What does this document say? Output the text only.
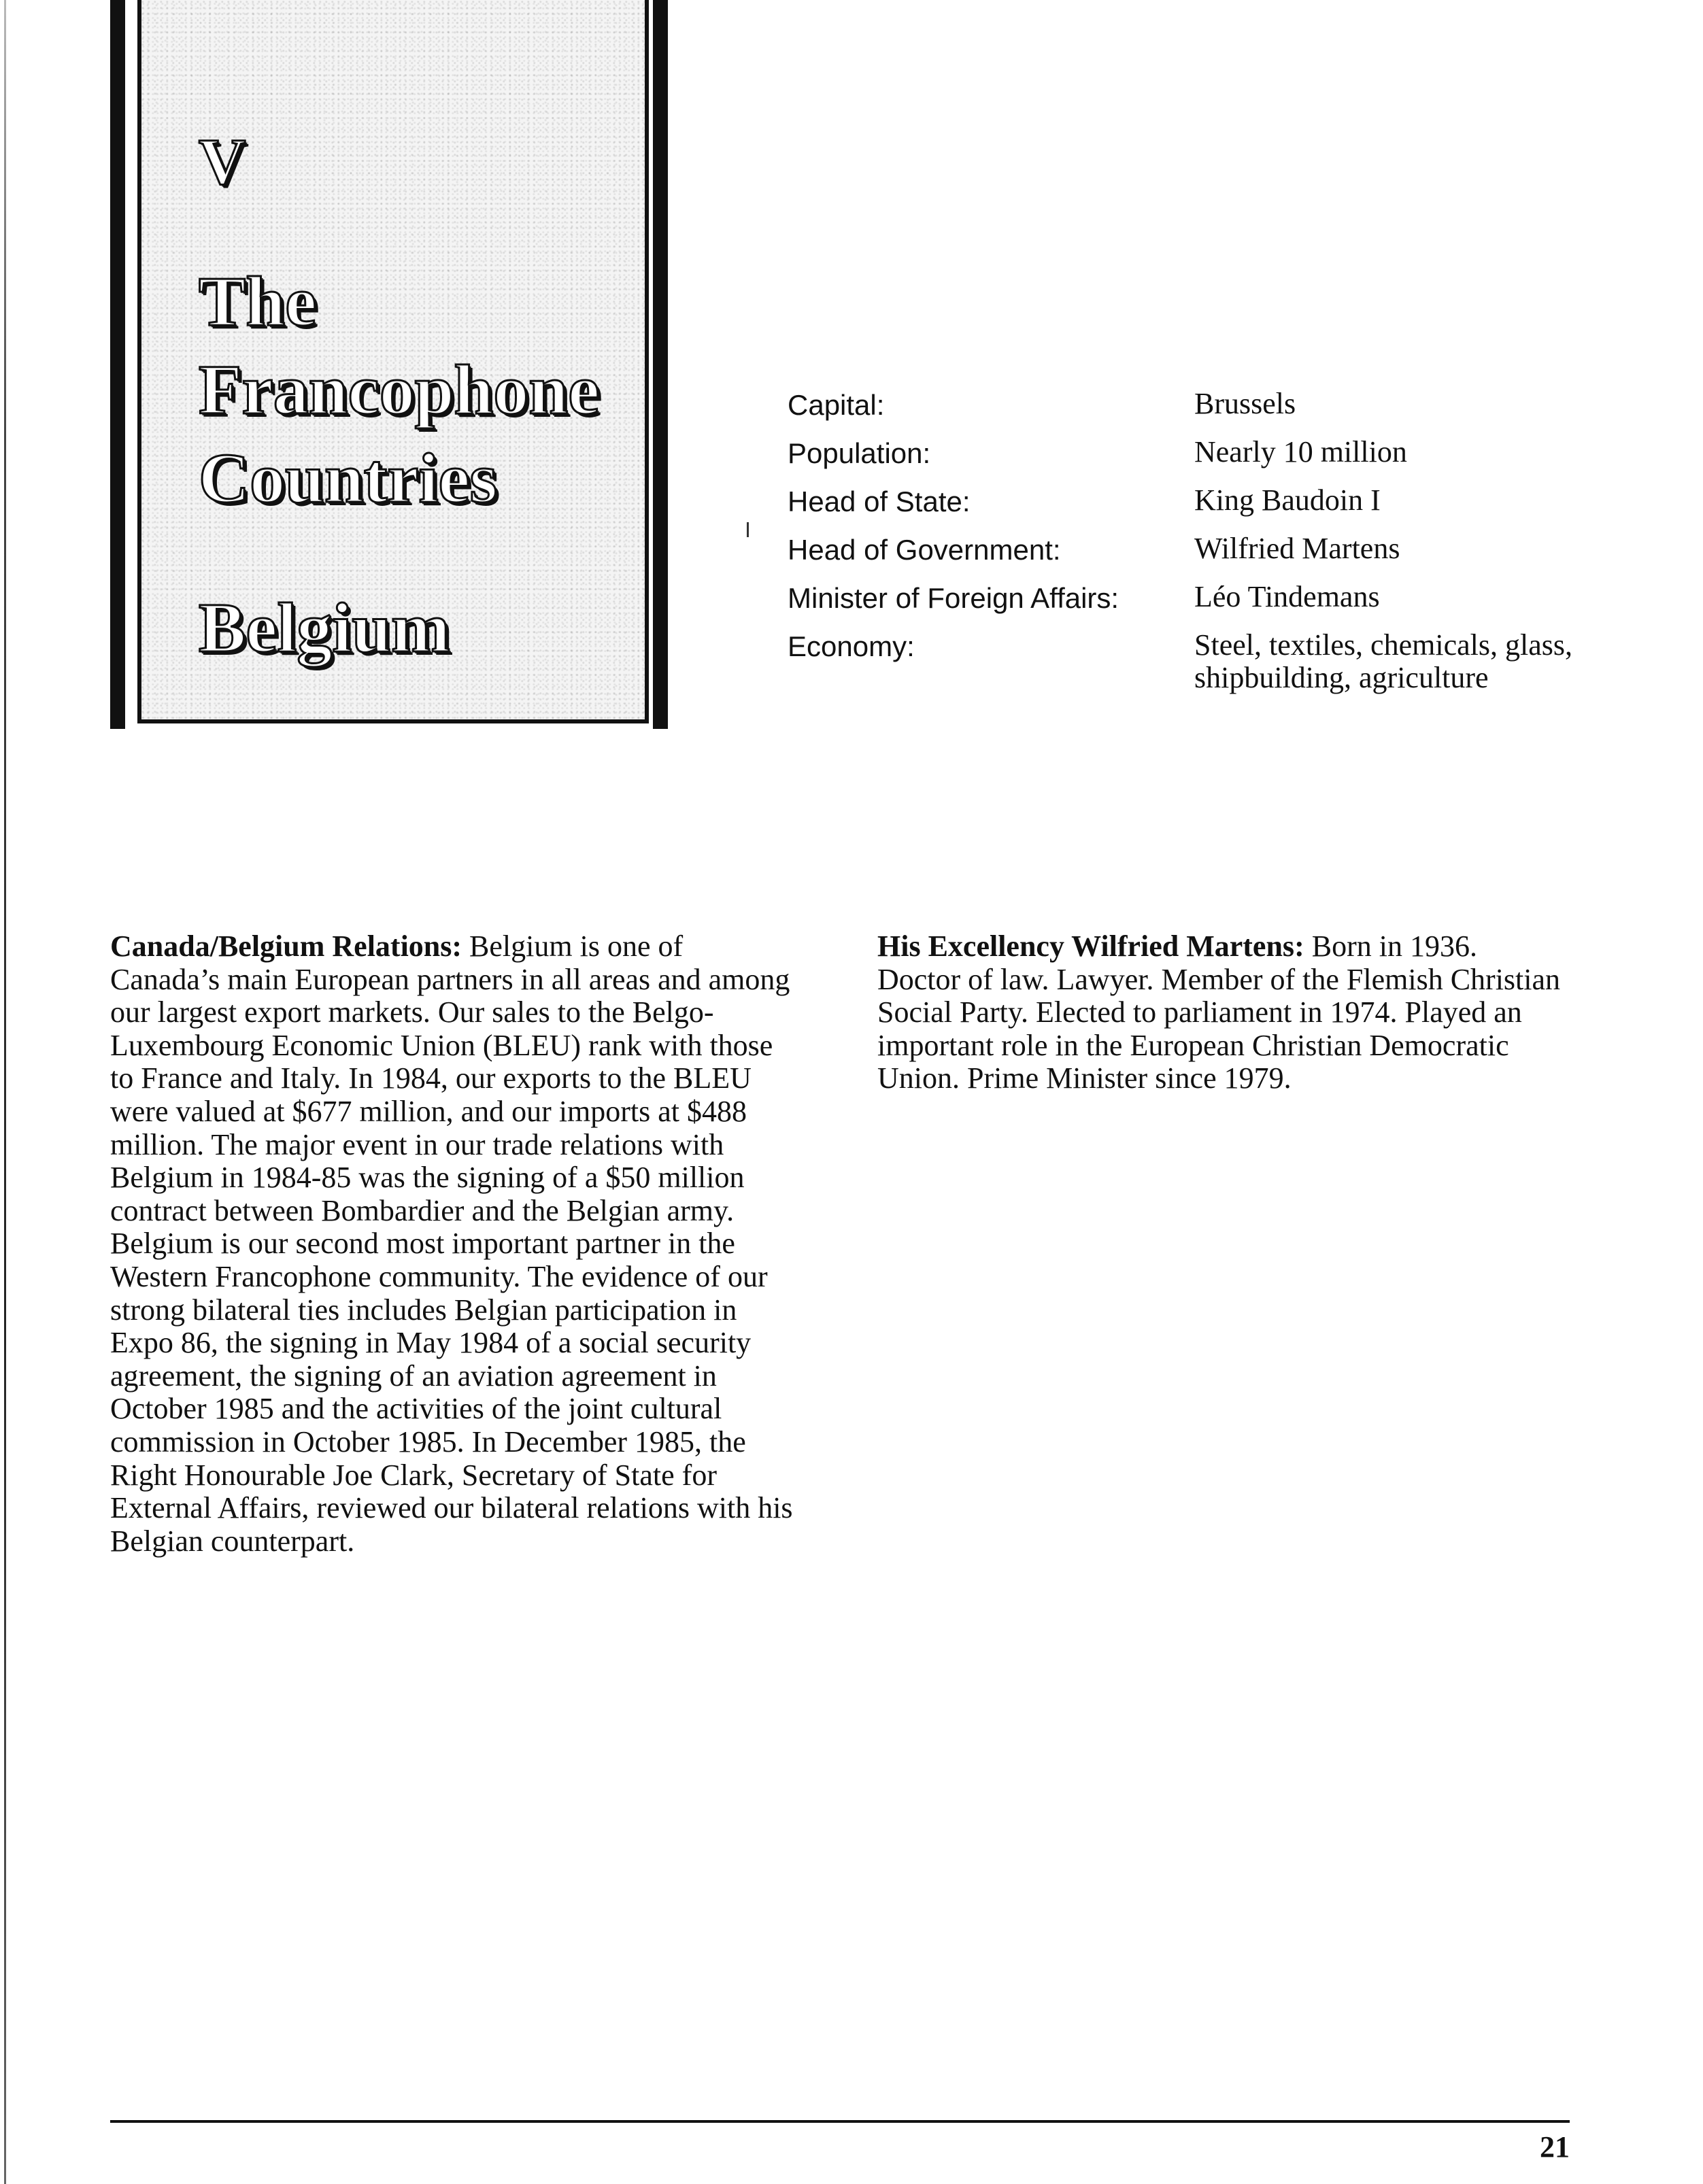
V
The
Francophone
Countries
Belgium
Capital:	Brussels
Population:	Nearly 10 million
Head of State:	King Baudoin I
Head of Government:	Wilfried Martens
Minister of Foreign Affairs:	Léo Tindemans
Economy:	Steel, textiles, chemicals, glass, shipbuilding, agriculture
Canada/Belgium Relations: Belgium is one of Canada’s main European partners in all areas and among our largest export markets. Our sales to the Belgo-Luxembourg Economic Union (BLEU) rank with those to France and Italy. In 1984, our exports to the BLEU were valued at $677 million, and our imports at $488 million. The major event in our trade relations with Belgium in 1984-85 was the signing of a $50 million contract between Bombardier and the Belgian army. Belgium is our second most important partner in the Western Francophone community. The evidence of our strong bilateral ties includes Belgian participation in Expo 86, the signing in May 1984 of a social security agreement, the signing of an aviation agreement in October 1985 and the activities of the joint cultural commission in October 1985. In December 1985, the Right Honourable Joe Clark, Secretary of State for External Affairs, reviewed our bilateral relations with his Belgian counterpart.
His Excellency Wilfried Martens: Born in 1936. Doctor of law. Lawyer. Member of the Flemish Christian Social Party. Elected to parliament in 1974. Played an important role in the European Christian Democratic Union. Prime Minister since 1979.
21
